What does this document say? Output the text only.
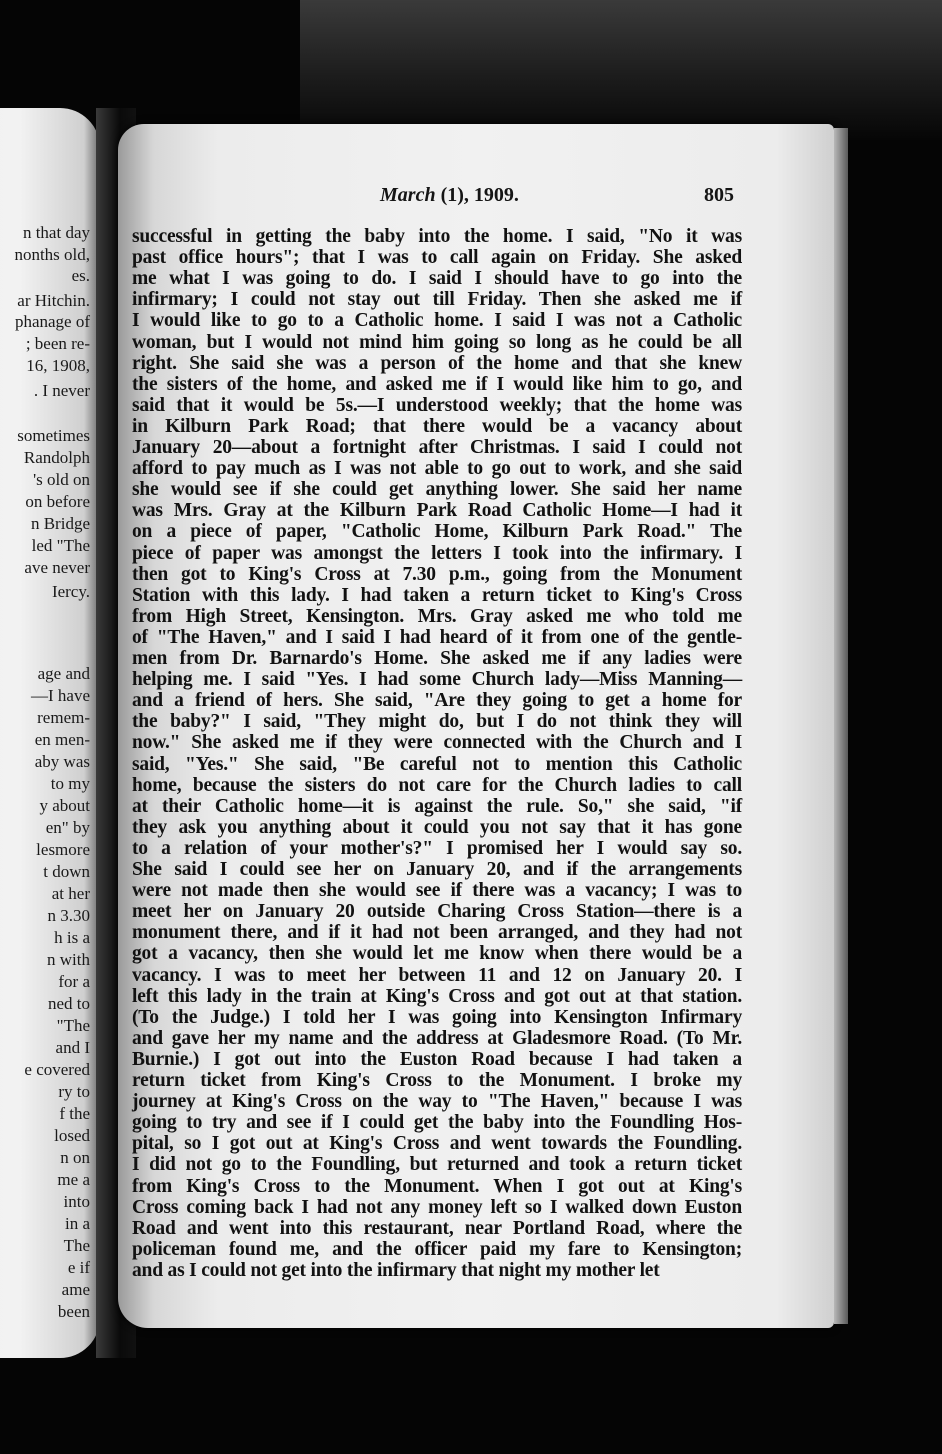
n that day
nonths old,
es.
ar Hitchin.
phanage of
; been re-
16, 1908,
. I never
sometimes
Randolph
's old on
on before
n Bridge
led "The
ave never
Iercy.
age and
—I have
remem-
en men-
aby was
to my
y about
en" by
lesmore
t down
at her
n 3.30
h is a
n with
for a
ned to
"The
and I
e covered
ry to
f the
losed
n on
me a
into
in a
The
e if
ame
been
March (1), 1909.	805
successful in getting the baby into the home. I said, "No it was
past office hours"; that I was to call again on Friday. She asked
me what I was going to do. I said I should have to go into the
infirmary; I could not stay out till Friday. Then she asked me if
I would like to go to a Catholic home. I said I was not a Catholic
woman, but I would not mind him going so long as he could be all
right. She said she was a person of the home and that she knew
the sisters of the home, and asked me if I would like him to go, and
said that it would be 5s.—I understood weekly; that the home was
in Kilburn Park Road; that there would be a vacancy about
January 20—about a fortnight after Christmas. I said I could not
afford to pay much as I was not able to go out to work, and she said
she would see if she could get anything lower. She said her name
was Mrs. Gray at the Kilburn Park Road Catholic Home—I had it
on a piece of paper, "Catholic Home, Kilburn Park Road." The
piece of paper was amongst the letters I took into the infirmary. I
then got to King's Cross at 7.30 p.m., going from the Monument
Station with this lady. I had taken a return ticket to King's Cross
from High Street, Kensington. Mrs. Gray asked me who told me
of "The Haven," and I said I had heard of it from one of the gentle-
men from Dr. Barnardo's Home. She asked me if any ladies were
helping me. I said "Yes. I had some Church lady—Miss Manning—
and a friend of hers. She said, "Are they going to get a home for
the baby?" I said, "They might do, but I do not think they will
now." She asked me if they were connected with the Church and I
said, "Yes." She said, "Be careful not to mention this Catholic
home, because the sisters do not care for the Church ladies to call
at their Catholic home—it is against the rule. So," she said, "if
they ask you anything about it could you not say that it has gone
to a relation of your mother's?" I promised her I would say so.
She said I could see her on January 20, and if the arrangements
were not made then she would see if there was a vacancy; I was to
meet her on January 20 outside Charing Cross Station—there is a
monument there, and if it had not been arranged, and they had not
got a vacancy, then she would let me know when there would be a
vacancy. I was to meet her between 11 and 12 on January 20. I
left this lady in the train at King's Cross and got out at that station.
(To the Judge.) I told her I was going into Kensington Infirmary
and gave her my name and the address at Gladesmore Road. (To Mr.
Burnie.) I got out into the Euston Road because I had taken a
return ticket from King's Cross to the Monument. I broke my
journey at King's Cross on the way to "The Haven," because I was
going to try and see if I could get the baby into the Foundling Hos-
pital, so I got out at King's Cross and went towards the Foundling.
I did not go to the Foundling, but returned and took a return ticket
from King's Cross to the Monument. When I got out at King's
Cross coming back I had not any money left so I walked down Euston
Road and went into this restaurant, near Portland Road, where the
policeman found me, and the officer paid my fare to Kensington;
and as I could not get into the infirmary that night my mother let
